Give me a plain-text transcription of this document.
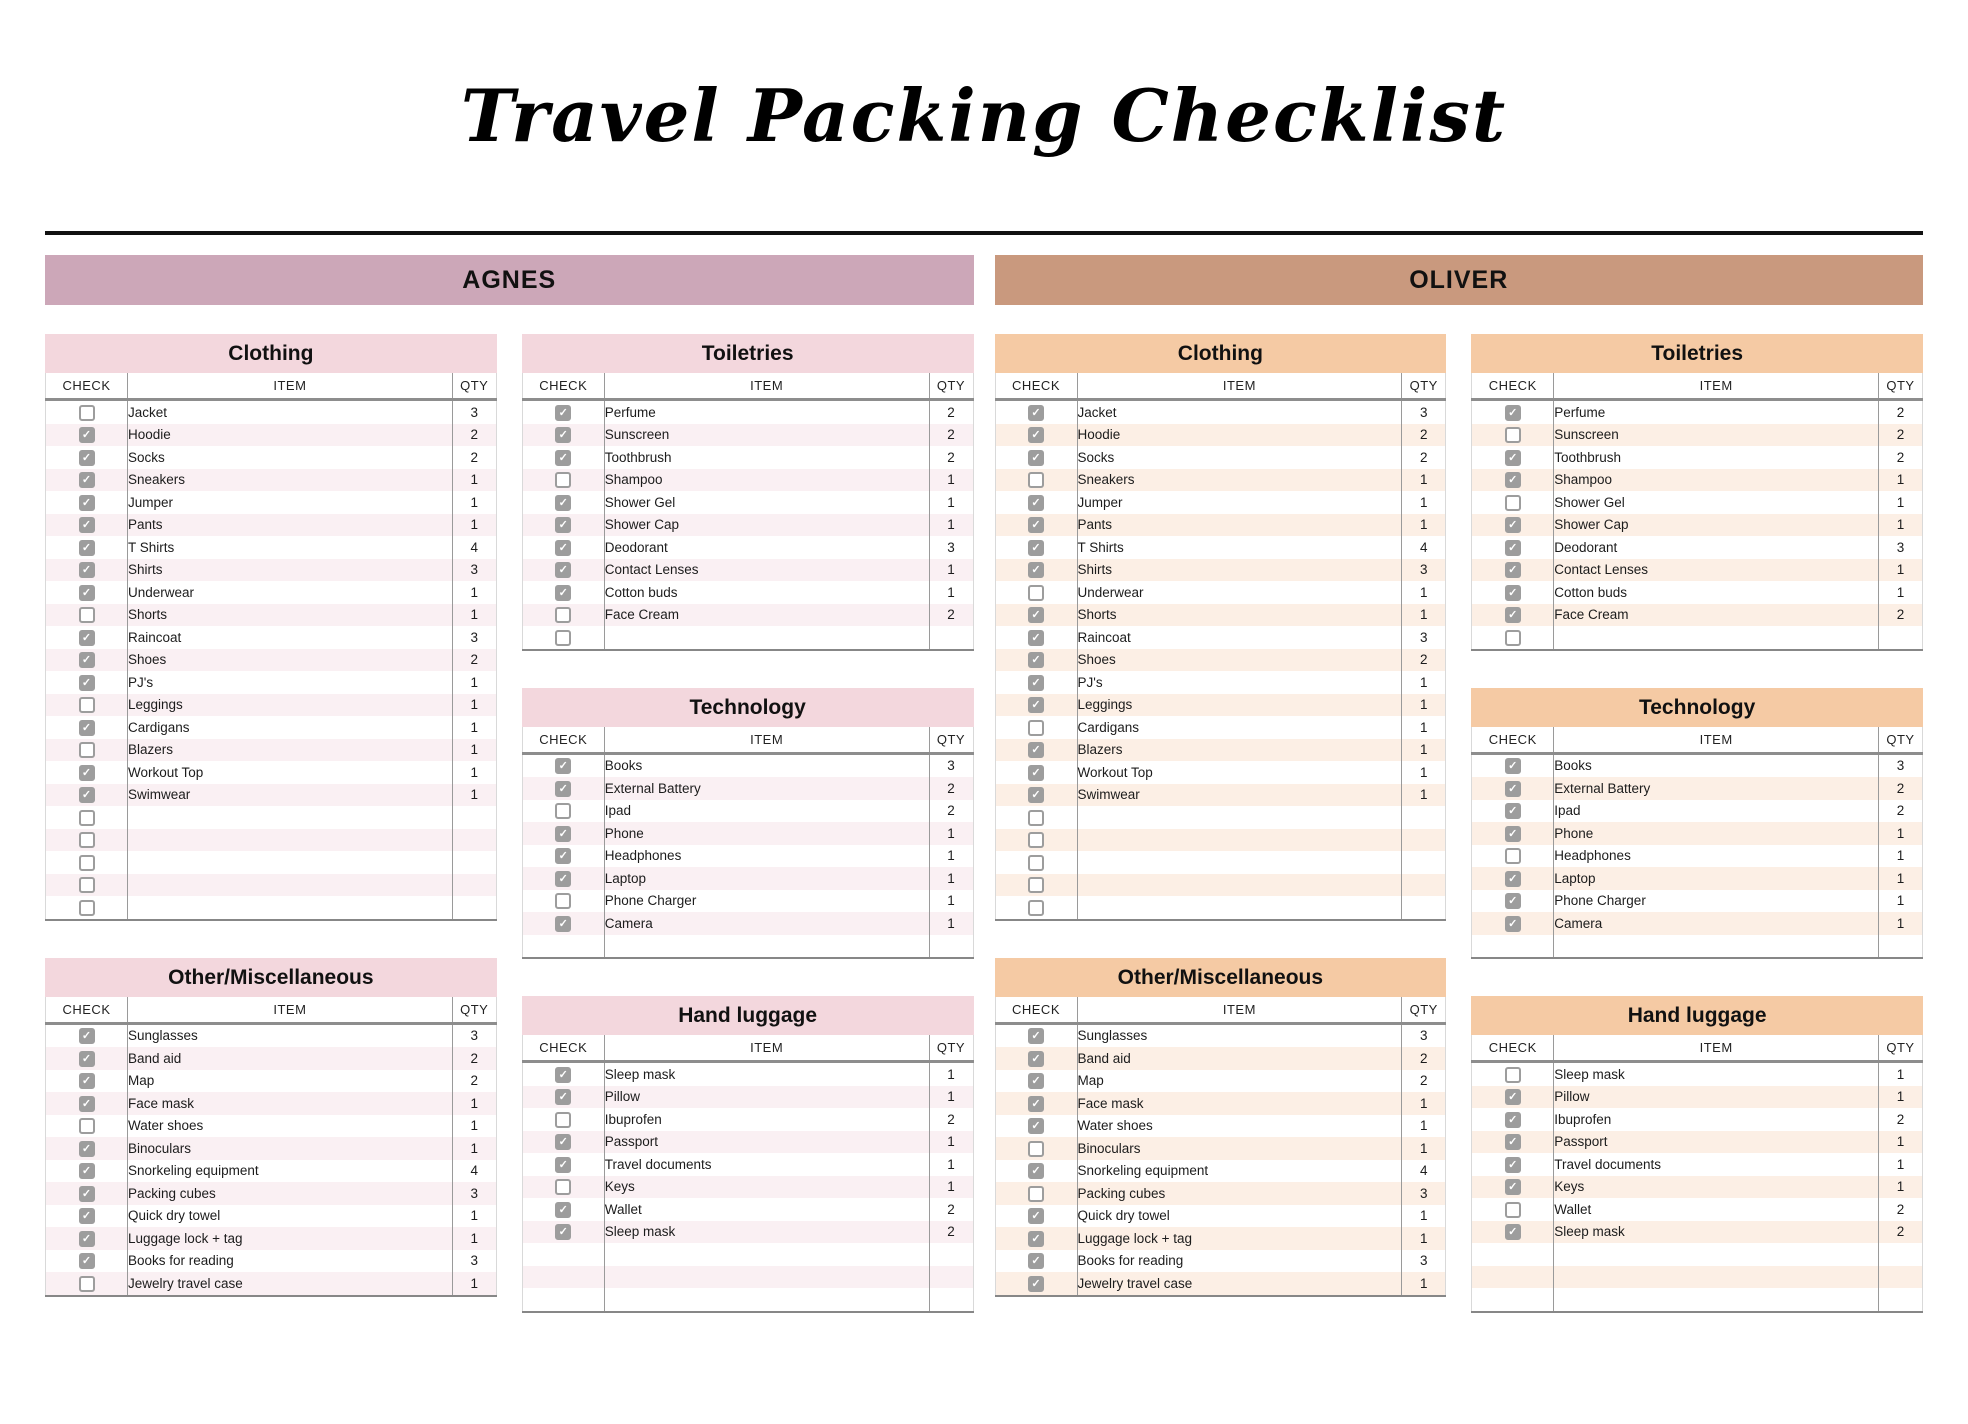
Travel Packing Checklist
AGNES
Clothing
CHECK	ITEM	QTY
	Jacket	3
✓	Hoodie	2
✓	Socks	2
✓	Sneakers	1
✓	Jumper	1
✓	Pants	1
✓	T Shirts	4
✓	Shirts	3
✓	Underwear	1
	Shorts	1
✓	Raincoat	3
✓	Shoes	2
✓	PJ's	1
	Leggings	1
✓	Cardigans	1
	Blazers	1
✓	Workout Top	1
✓	Swimwear	1

Other/Miscellaneous
CHECK	ITEM	QTY
✓	Sunglasses	3
✓	Band aid	2
✓	Map	2
✓	Face mask	1
	Water shoes	1
✓	Binoculars	1
✓	Snorkeling equipment	4
✓	Packing cubes	3
✓	Quick dry towel	1
✓	Luggage lock + tag	1
✓	Books for reading	3
	Jewelry travel case	1
Toiletries
CHECK	ITEM	QTY
✓	Perfume	2
✓	Sunscreen	2
✓	Toothbrush	2
	Shampoo	1
✓	Shower Gel	1
✓	Shower Cap	1
✓	Deodorant	3
✓	Contact Lenses	1
✓	Cotton buds	1
	Face Cream	2

Technology
CHECK	ITEM	QTY
✓	Books	3
✓	External Battery	2
	Ipad	2
✓	Phone	1
✓	Headphones	1
✓	Laptop	1
	Phone Charger	1
✓	Camera	1

Hand luggage
CHECK	ITEM	QTY
✓	Sleep mask	1
✓	Pillow	1
	Ibuprofen	2
✓	Passport	1
✓	Travel documents	1
	Keys	1
✓	Wallet	2
✓	Sleep mask	2

OLIVER
Clothing
CHECK	ITEM	QTY
✓	Jacket	3
✓	Hoodie	2
✓	Socks	2
	Sneakers	1
✓	Jumper	1
✓	Pants	1
✓	T Shirts	4
✓	Shirts	3
	Underwear	1
✓	Shorts	1
✓	Raincoat	3
✓	Shoes	2
✓	PJ's	1
✓	Leggings	1
	Cardigans	1
✓	Blazers	1
✓	Workout Top	1
✓	Swimwear	1

Other/Miscellaneous
CHECK	ITEM	QTY
✓	Sunglasses	3
✓	Band aid	2
✓	Map	2
✓	Face mask	1
✓	Water shoes	1
	Binoculars	1
✓	Snorkeling equipment	4
	Packing cubes	3
✓	Quick dry towel	1
✓	Luggage lock + tag	1
✓	Books for reading	3
✓	Jewelry travel case	1
Toiletries
CHECK	ITEM	QTY
✓	Perfume	2
	Sunscreen	2
✓	Toothbrush	2
✓	Shampoo	1
	Shower Gel	1
✓	Shower Cap	1
✓	Deodorant	3
✓	Contact Lenses	1
✓	Cotton buds	1
✓	Face Cream	2

Technology
CHECK	ITEM	QTY
✓	Books	3
✓	External Battery	2
✓	Ipad	2
✓	Phone	1
	Headphones	1
✓	Laptop	1
✓	Phone Charger	1
✓	Camera	1

Hand luggage
CHECK	ITEM	QTY
	Sleep mask	1
✓	Pillow	1
✓	Ibuprofen	2
✓	Passport	1
✓	Travel documents	1
✓	Keys	1
	Wallet	2
✓	Sleep mask	2
